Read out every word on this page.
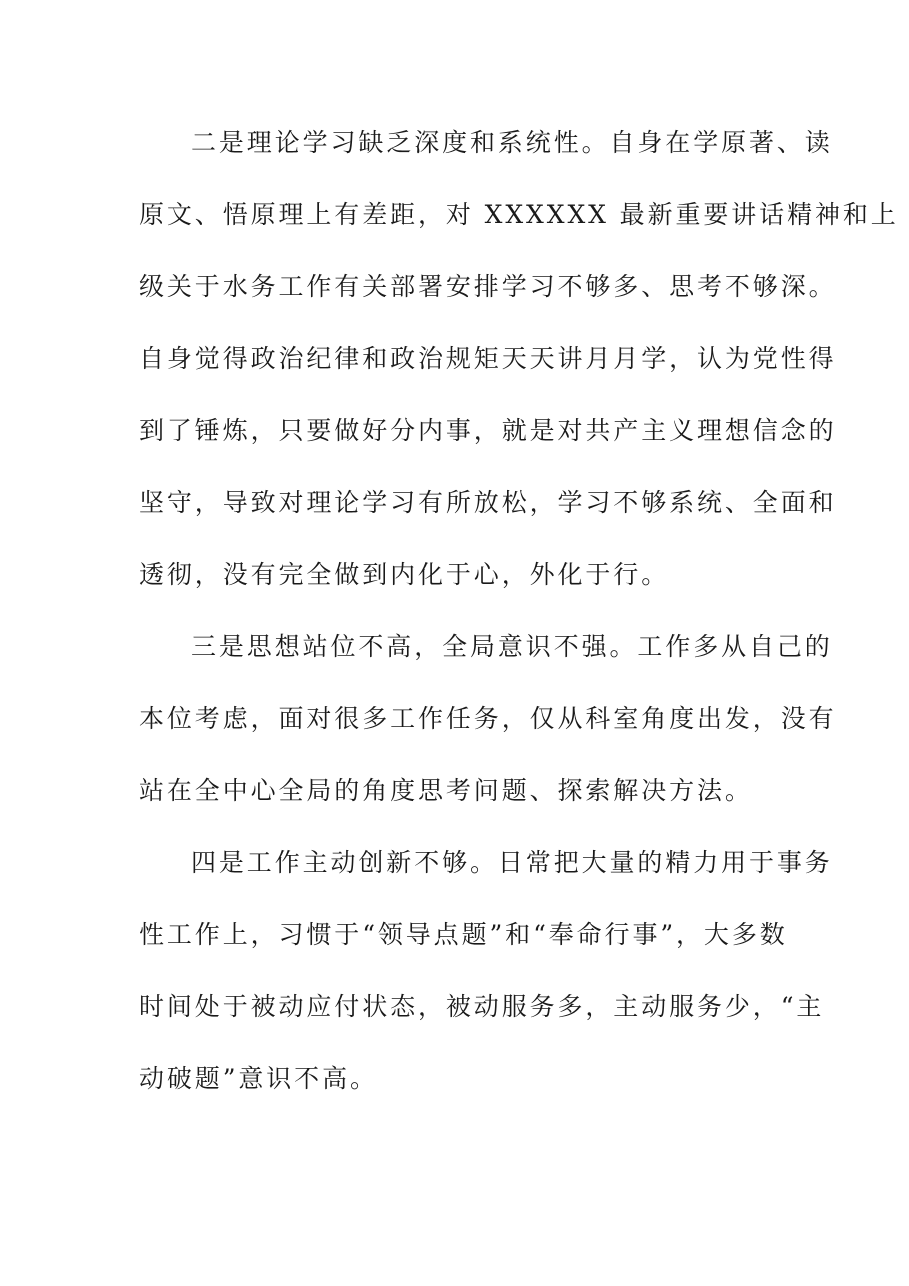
二是理论学习缺乏深度和系统性。自身在学原著、读
原文、悟原理上有差距，对 XXXXXX 最新重要讲话精神和上
级关于水务工作有关部署安排学习不够多、思考不够深。
自身觉得政治纪律和政治规矩天天讲月月学，认为党性得
到了锤炼，只要做好分内事，就是对共产主义理想信念的
坚守，导致对理论学习有所放松，学习不够系统、全面和
透彻，没有完全做到内化于心，外化于行。
三是思想站位不高，全局意识不强。工作多从自己的
本位考虑，面对很多工作任务，仅从科室角度出发，没有
站在全中心全局的角度思考问题、探索解决方法。
四是工作主动创新不够。日常把大量的精力用于事务
性工作上，习惯于“领导点题”和“奉命行事”，大多数
时间处于被动应付状态，被动服务多，主动服务少，“主
动破题”意识不高。
